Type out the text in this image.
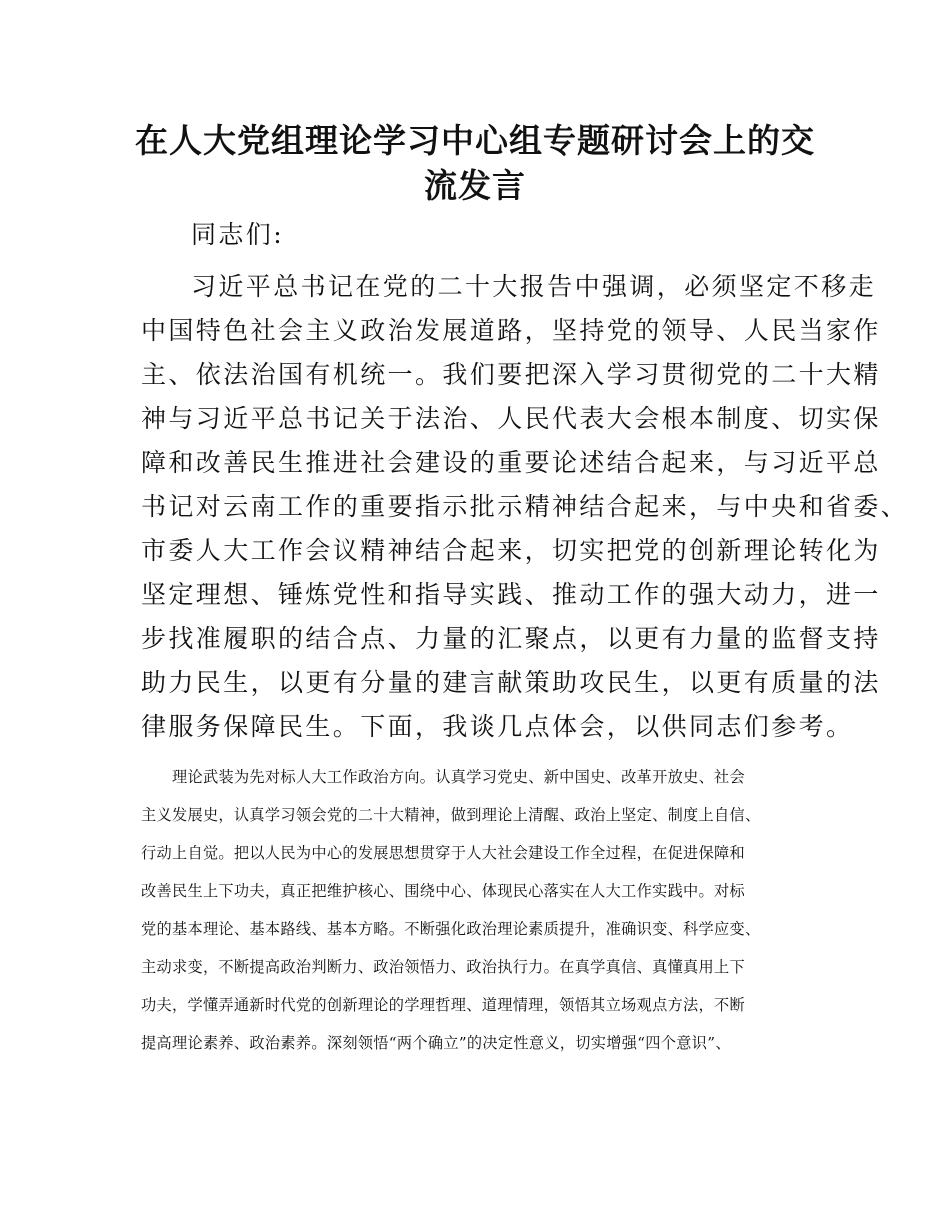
在人大党组理论学习中心组专题研讨会上的交
流发言
同志们:
习近平总书记在党的二十大报告中强调，必须坚定不移走
中国特色社会主义政治发展道路，坚持党的领导、人民当家作
主、依法治国有机统一。我们要把深入学习贯彻党的二十大精
神与习近平总书记关于法治、人民代表大会根本制度、切实保
障和改善民生推进社会建设的重要论述结合起来，与习近平总
书记对云南工作的重要指示批示精神结合起来，与中央和省委、
市委人大工作会议精神结合起来，切实把党的创新理论转化为
坚定理想、锤炼党性和指导实践、推动工作的强大动力，进一
步找准履职的结合点、力量的汇聚点，以更有力量的监督支持
助力民生，以更有分量的建言献策助攻民生，以更有质量的法
律服务保障民生。下面，我谈几点体会，以供同志们参考。
理论武装为先对标人大工作政治方向。认真学习党史、新中国史、改革开放史、社会
主义发展史，认真学习领会党的二十大精神，做到理论上清醒、政治上坚定、制度上自信、
行动上自觉。把以人民为中心的发展思想贯穿于人大社会建设工作全过程，在促进保障和
改善民生上下功夫，真正把维护核心、围绕中心、体现民心落实在人大工作实践中。对标
党的基本理论、基本路线、基本方略。不断强化政治理论素质提升，准确识变、科学应变、
主动求变，不断提高政治判断力、政治领悟力、政治执行力。在真学真信、真懂真用上下
功夫，学懂弄通新时代党的创新理论的学理哲理、道理情理，领悟其立场观点方法，不断
提高理论素养、政治素养。深刻领悟“两个确立”的决定性意义，切实增强“四个意识”、
